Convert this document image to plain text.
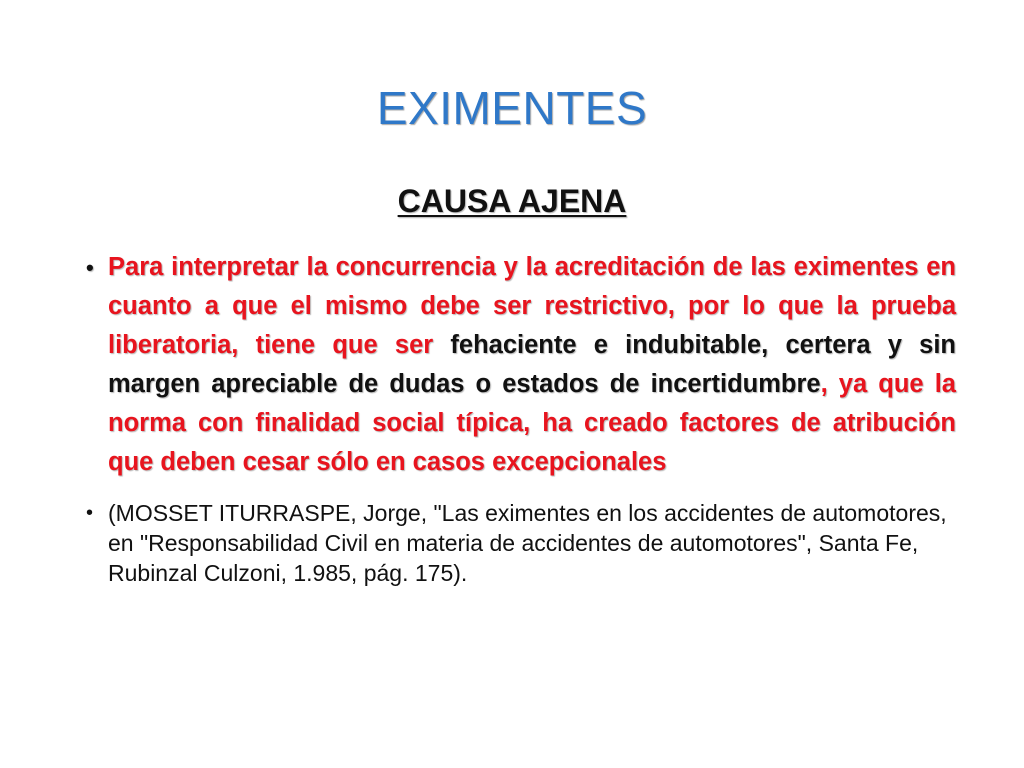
EXIMENTES
CAUSA AJENA
• Para interpretar la concurrencia y la acreditación de las eximentes en cuanto a que el mismo debe ser restrictivo, por lo que la prueba liberatoria, tiene que ser fehaciente e indubitable, certera y sin margen apreciable de dudas o estados de incertidumbre, ya que la norma con finalidad social típica, ha creado factores de atribución que deben cesar sólo en casos excepcionales
• (MOSSET ITURRASPE, Jorge, "Las eximentes en los accidentes de automotores, en "Responsabilidad Civil en materia de accidentes de automotores", Santa Fe, Rubinzal Culzoni, 1.985, pág. 175).
